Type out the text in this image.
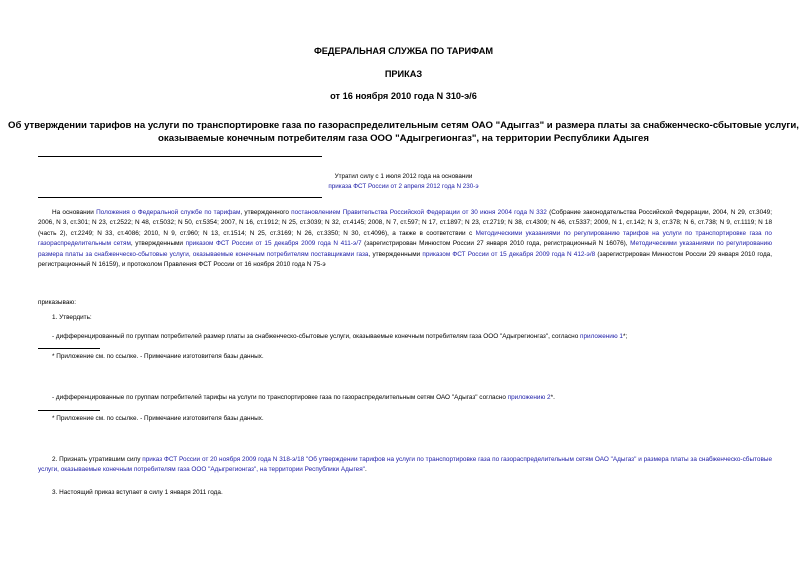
ФЕДЕРАЛЬНАЯ СЛУЖБА ПО ТАРИФАМ
ПРИКАЗ
от 16 ноября 2010 года N 310-э/6
Об утверждении тарифов на услуги по транспортировке газа по газораспределительным сетям ОАО "Адыггаз" и размера платы за снабженческо-сбытовые услуги,
оказываемые конечным потребителям газа ООО "Адыгрегионгаз", на территории Республики Адыгея
Утратил силу с 1 июля 2012 года на основании
приказа ФСТ России от 2 апреля 2012 года N 230-э
На основании Положения о Федеральной службе по тарифам, утвержденного постановлением Правительства Российской Федерации от 30 июня 2004 года N 332 (Собрание законодательства Российской Федерации, 2004, N 29, ст.3049; 2006, N 3, ст.301; N 23, ст.2522; N 48, ст.5032; N 50, ст.5354; 2007, N 16, ст.1912; N 25, ст.3039; N 32, ст.4145; 2008, N 7, ст.597; N 17, ст.1897; N 23, ст.2719; N 38, ст.4309; N 46, ст.5337; 2009, N 1, ст.142; N 3, ст.378; N 6, ст.738; N 9, ст.1119; N 18 (часть 2), ст.2249; N 33, ст.4086; 2010, N 9, ст.960; N 13, ст.1514; N 25, ст.3169; N 26, ст.3350; N 30, ст.4096), а также в соответствии с Методическими указаниями по регулированию тарифов на услуги по транспортировке газа по газораспределительным сетям, утвержденными приказом ФСТ России от 15 декабря 2009 года N 411-э/7 (зарегистрирован Минюстом России 27 января 2010 года, регистрационный N 16076), Методическими указаниями по регулированию размера платы за снабженческо-сбытовые услуги, оказываемые конечным потребителям поставщиками газа, утвержденными приказом ФСТ России от 15 декабря 2009 года N 412-э/8 (зарегистрирован Минюстом России 29 января 2010 года, регистрационный N 16159), и протоколом Правления ФСТ России от 16 ноября 2010 года N 75-э
приказываю:
1. Утвердить:
- дифференцированный по группам потребителей размер платы за снабженческо-сбытовые услуги, оказываемые конечным потребителям газа ООО "Адыгрегионгаз", согласно приложению 1*;
* Приложение см. по ссылке. - Примечание изготовителя базы данных.
- дифференцированные по группам потребителей тарифы на услуги по транспортировке газа по газораспределительным сетям ОАО "Адыгаз" согласно приложению 2*.
* Приложение см. по ссылке. - Примечание изготовителя базы данных.
2. Признать утратившим силу приказ ФСТ России от 20 ноября 2009 года N 318-э/18 "Об утверждении тарифов на услуги по транспортировке газа по газораспределительным сетям ОАО "Адыгаз" и размера платы за снабженческо-сбытовые услуги, оказываемые конечным потребителям газа ООО "Адыгрегионгаз", на территории Республики Адыгея".
3. Настоящий приказ вступает в силу 1 января 2011 года.
